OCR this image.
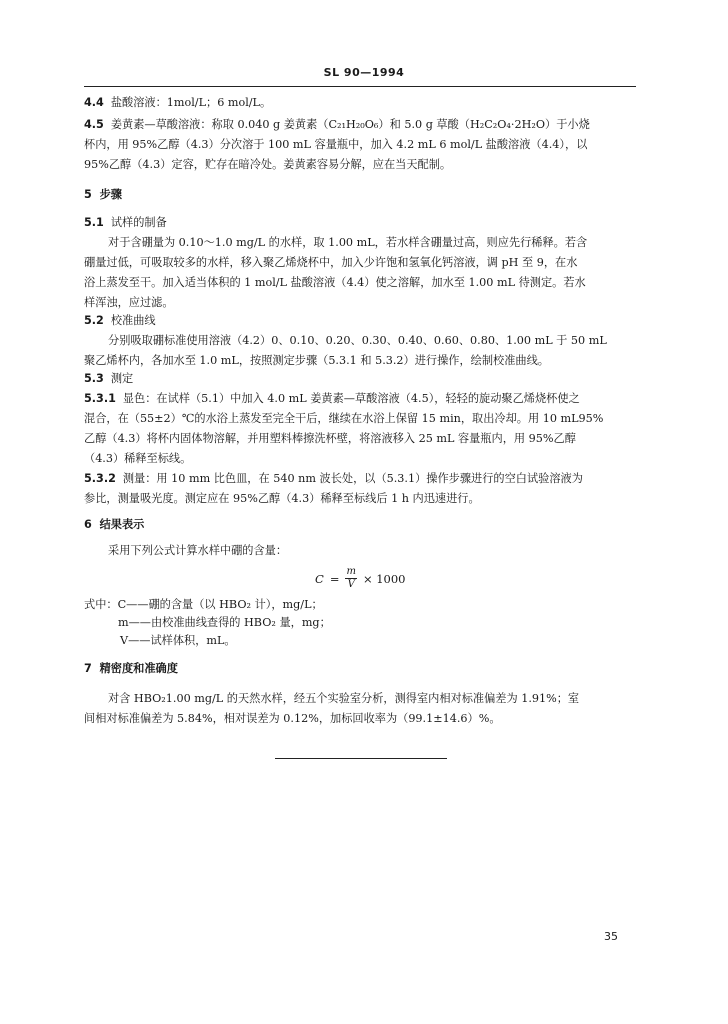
SL 90—1994
4.4 盐酸溶液：1mol/L；6 mol/L。
4.5 姜黄素—草酸溶液：称取 0.040 g 姜黄素（C₂₁H₂₀O₆）和 5.0 g 草酸（H₂C₂O₄·2H₂O）于小烧
杯内，用 95%乙醇（4.3）分次溶于 100 mL 容量瓶中，加入 4.2 mL 6 mol/L 盐酸溶液（4.4），以
95%乙醇（4.3）定容，贮存在暗冷处。姜黄素容易分解，应在当天配制。
5 步骤
5.1 试样的制备
对于含硼量为 0.10～1.0 mg/L 的水样，取 1.00 mL，若水样含硼量过高，则应先行稀释。若含
硼量过低，可吸取较多的水样，移入聚乙烯烧杯中，加入少许饱和氢氧化钙溶液，调 pH 至 9，在水
浴上蒸发至干。加入适当体积的 1 mol/L 盐酸溶液（4.4）使之溶解，加水至 1.00 mL 待测定。若水
样浑浊，应过滤。
5.2 校准曲线
分别吸取硼标准使用溶液（4.2）0、0.10、0.20、0.30、0.40、0.60、0.80、1.00 mL 于 50 mL
聚乙烯杯内，各加水至 1.0 mL，按照测定步骤（5.3.1 和 5.3.2）进行操作，绘制校准曲线。
5.3 测定
5.3.1 显色：在试样（5.1）中加入 4.0 mL 姜黄素—草酸溶液（4.5），轻轻的旋动聚乙烯烧杯使之
混合，在（55±2）℃的水浴上蒸发至完全干后，继续在水浴上保留 15 min，取出冷却。用 10 mL95%
乙醇（4.3）将杯内固体物溶解，并用塑料棒擦洗杯壁，将溶液移入 25 mL 容量瓶内，用 95%乙醇
（4.3）稀释至标线。
5.3.2 测量：用 10 mm 比色皿，在 540 nm 波长处，以（5.3.1）操作步骤进行的空白试验溶液为
参比，测量吸光度。测定应在 95%乙醇（4.3）稀释至标线后 1 h 内迅速进行。
6 结果表示
采用下列公式计算水样中硼的含量：
$C = \frac{m}{V} \times 1000$
式中：C——硼的含量（以 HBO₂ 计），mg/L；
m——由校准曲线查得的 HBO₂ 量，mg；
V——试样体积，mL。
7 精密度和准确度
对含 HBO₂1.00 mg/L 的天然水样，经五个实验室分析，测得室内相对标准偏差为 1.91%；室
间相对标准偏差为 5.84%，相对误差为 0.12%，加标回收率为（99.1±14.6）%。
35
